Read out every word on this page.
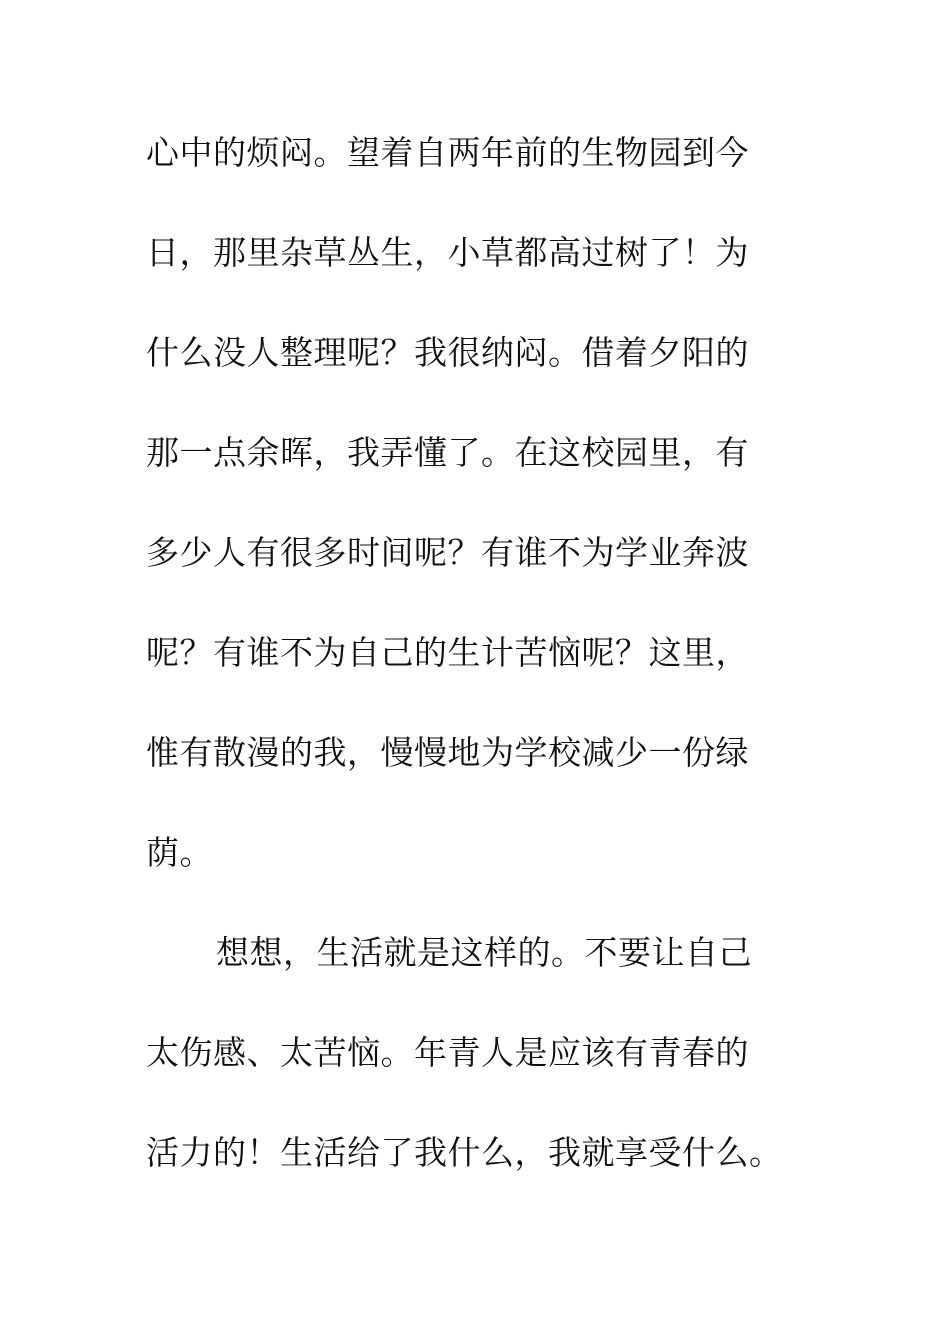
心中的烦闷。望着自两年前的生物园到今
日，那里杂草丛生，小草都高过树了！为
什么没人整理呢？我很纳闷。借着夕阳的
那一点余晖，我弄懂了。在这校园里，有
多少人有很多时间呢？有谁不为学业奔波
呢？有谁不为自己的生计苦恼呢？这里，
惟有散漫的我，慢慢地为学校减少一份绿
荫。
想想，生活就是这样的。不要让自己
太伤感、太苦恼。年青人是应该有青春的
活力的！生活给了我什么，我就享受什么。
